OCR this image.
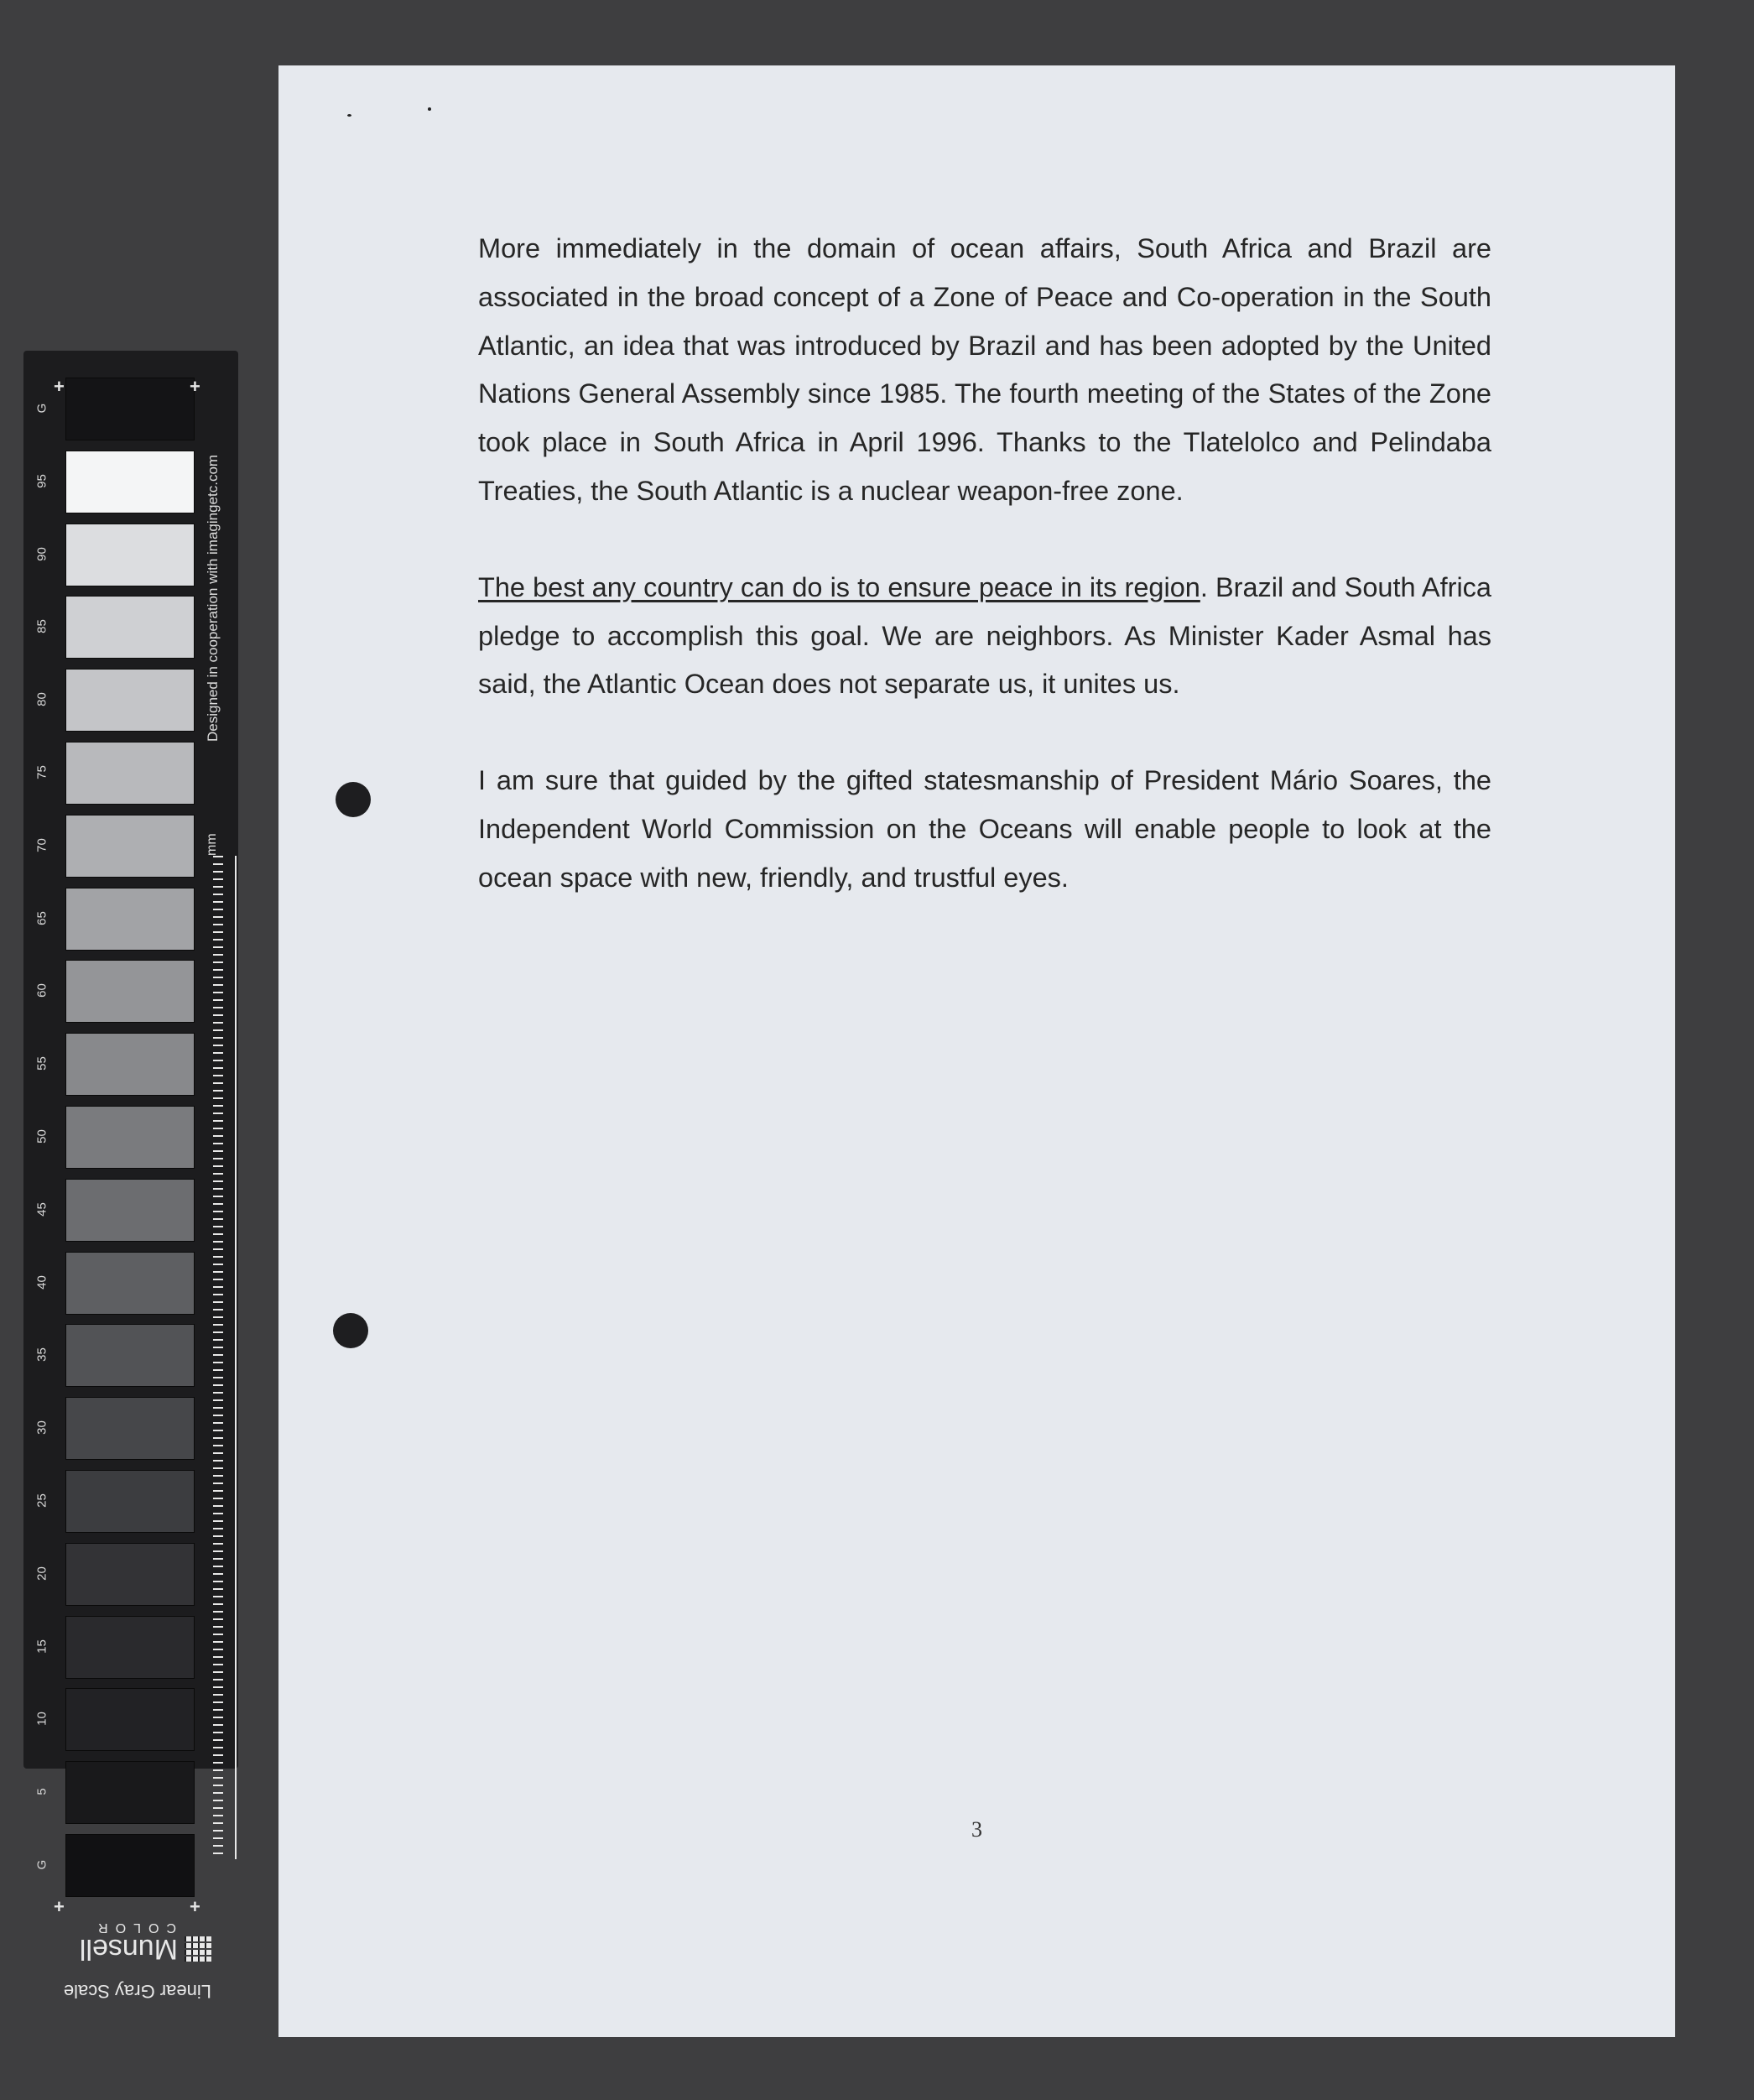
G
95
90
85
80
75
70
65
60
55
50
45
40
35
30
25
20
15
10
5
G
+	+
+	+
Designed in cooperation with imagingetc.com
mm
Linear Gray Scale
Munsell
COLOR

More immediately in the domain of ocean affairs, South Africa and Brazil are associated in the broad concept of a Zone of Peace and Co-operation in the South Atlantic, an idea that was introduced by Brazil and has been adopted by the United Nations General Assembly since 1985. The fourth meeting of the States of the Zone took place in South Africa in April 1996. Thanks to the Tlatelolco and Pelindaba Treaties, the South Atlantic is a nuclear weapon-free zone.

The best any country can do is to ensure peace in its region. Brazil and South Africa pledge to accomplish this goal. We are neighbors. As Minister Kader Asmal has said, the Atlantic Ocean does not separate us, it unites us.

I am sure that guided by the gifted statesmanship of President Mário Soares, the Independent World Commission on the Oceans will enable people to look at the ocean space with new, friendly, and trustful eyes.

3
